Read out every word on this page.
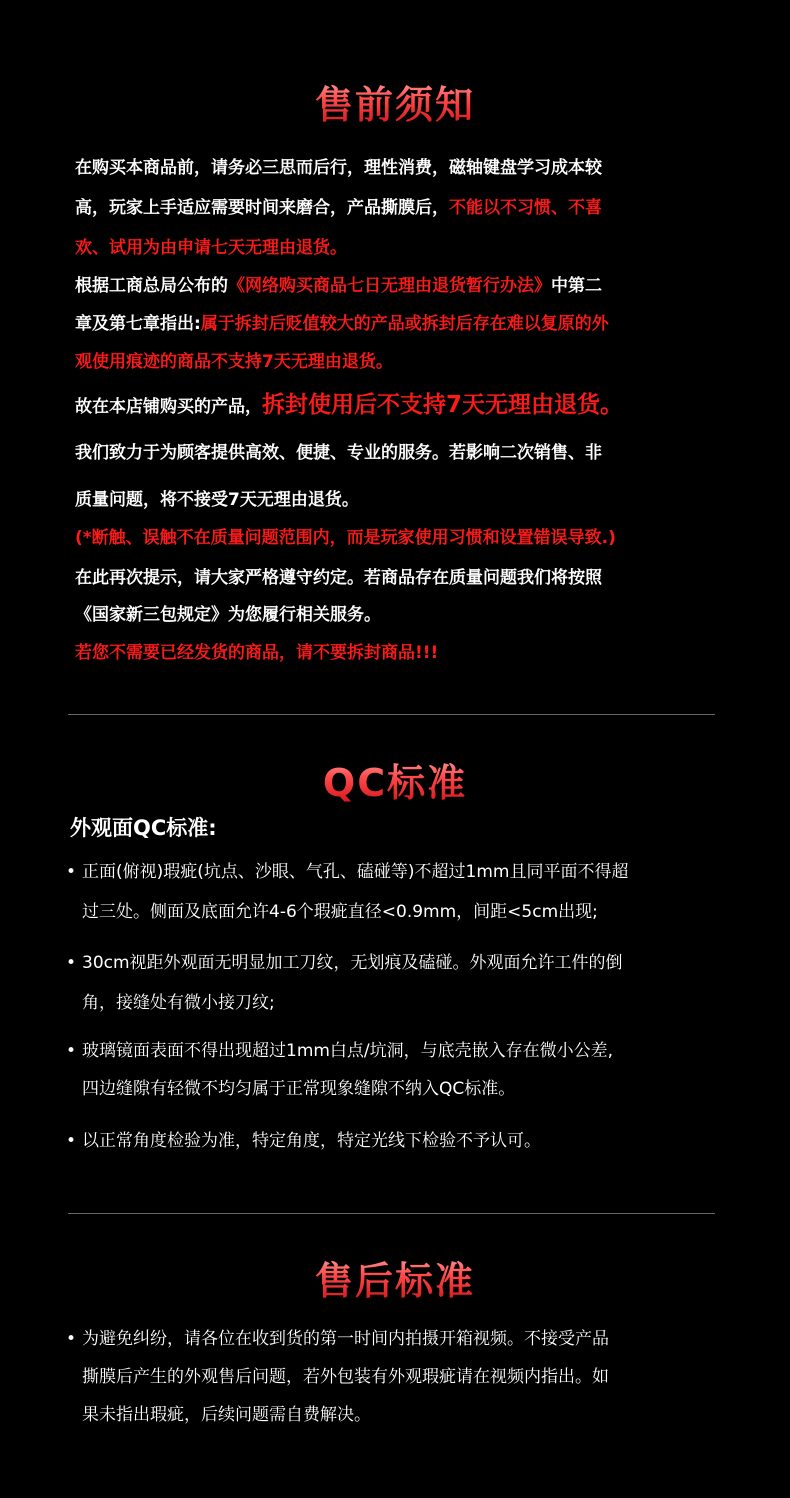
售前须知
在购买本商品前，请务必三思而后行，理性消费，磁轴键盘学习成本较
高，玩家上手适应需要时间来磨合，产品撕膜后，不能以不习惯、不喜
欢、试用为由申请七天无理由退货。
根据工商总局公布的《网络购买商品七日无理由退货暂行办法》中第二
章及第七章指出:属于拆封后贬值较大的产品或拆封后存在难以复原的外
观使用痕迹的商品不支持7天无理由退货。
故在本店铺购买的产品，拆封使用后不支持7天无理由退货。
我们致力于为顾客提供高效、便捷、专业的服务。若影响二次销售、非
质量问题，将不接受7天无理由退货。
(*断触、误触不在质量问题范围内，而是玩家使用习惯和设置错误导致.)
在此再次提示，请大家严格遵守约定。若商品存在质量问题我们将按照
《国家新三包规定》为您履行相关服务。
若您不需要已经发货的商品，请不要拆封商品!!!
QC标准
外观面QC标准:
• 正面(俯视)瑕疵(坑点、沙眼、气孔、磕碰等)不超过1mm且同平面不得超
过三处。侧面及底面允许4-6个瑕疵直径<0.9mm，间距<5cm出现;
• 30cm视距外观面无明显加工刀纹，无划痕及磕碰。外观面允许工件的倒
角，接缝处有微小接刀纹;
• 玻璃镜面表面不得出现超过1mm白点/坑洞，与底壳嵌入存在微小公差,
四边缝隙有轻微不均匀属于正常现象缝隙不纳入QC标准。
• 以正常角度检验为准，特定角度，特定光线下检验不予认可。
售后标准
• 为避免纠纷，请各位在收到货的第一时间内拍摄开箱视频。不接受产品
撕膜后产生的外观售后问题，若外包装有外观瑕疵请在视频内指出。如
果未指出瑕疵，后续问题需自费解决。
